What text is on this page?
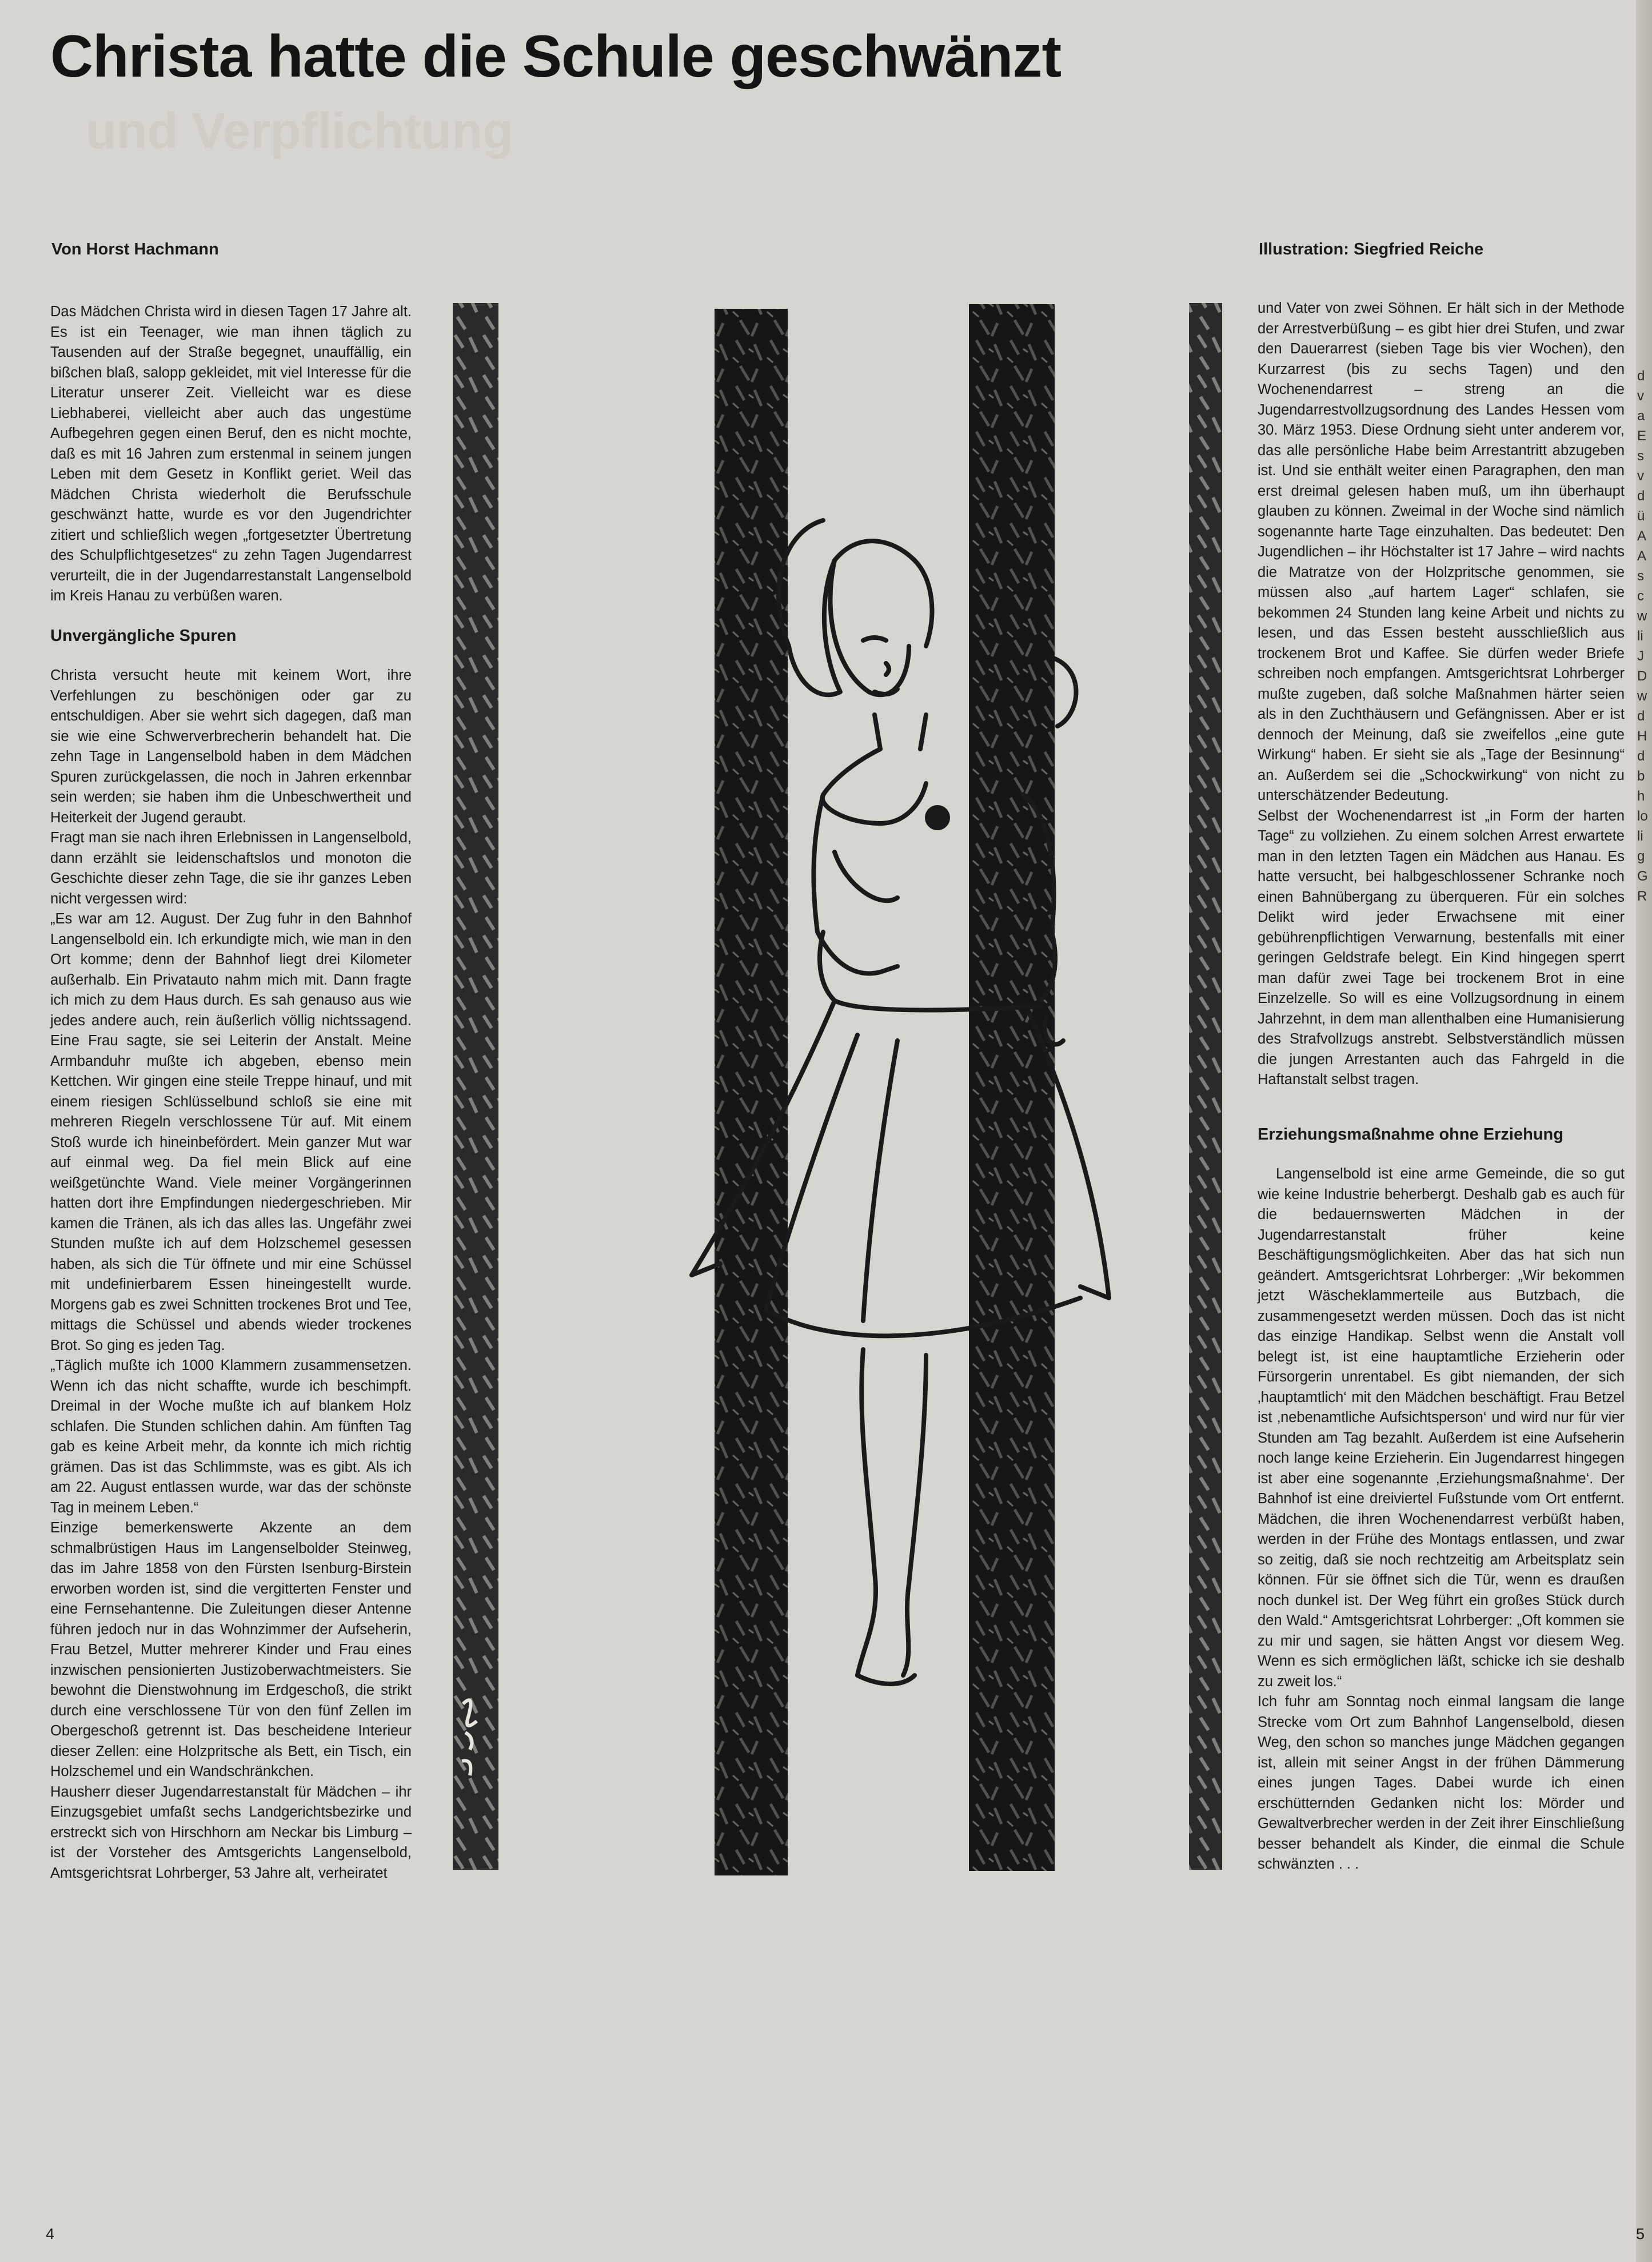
und Verpflichtung
Christa hatte die Schule geschwänzt
Von Horst Hachmann	Illustration: Siegfried Reiche

Das Mädchen Christa wird in diesen Tagen 17 Jahre alt. Es ist ein Teenager, wie man ihnen täglich zu Tausenden auf der Straße begegnet, unauffällig, ein bißchen blaß, salopp gekleidet, mit viel Interesse für die Literatur unserer Zeit. Vielleicht war es diese Liebhaberei, vielleicht aber auch das ungestüme Aufbegehren gegen einen Beruf, den es nicht mochte, daß es mit 16 Jahren zum erstenmal in seinem jungen Leben mit dem Gesetz in Konflikt geriet. Weil das Mädchen Christa wiederholt die Berufsschule geschwänzt hatte, wurde es vor den Jugendrichter zitiert und schließlich wegen „fortgesetzter Übertretung des Schulpflichtgesetzes“ zu zehn Tagen Jugendarrest verurteilt, die in der Jugendarrestanstalt Langenselbold im Kreis Hanau zu verbüßen waren.

Unvergängliche Spuren

Christa versucht heute mit keinem Wort, ihre Verfehlungen zu beschönigen oder gar zu entschuldigen. Aber sie wehrt sich dagegen, daß man sie wie eine Schwerverbrecherin behandelt hat. Die zehn Tage in Langenselbold haben in dem Mädchen Spuren zurückgelassen, die noch in Jahren erkennbar sein werden; sie haben ihm die Unbeschwertheit und Heiterkeit der Jugend geraubt.

Fragt man sie nach ihren Erlebnissen in Langenselbold, dann erzählt sie leidenschaftslos und monoton die Geschichte dieser zehn Tage, die sie ihr ganzes Leben nicht vergessen wird:

„Es war am 12. August. Der Zug fuhr in den Bahnhof Langenselbold ein. Ich erkundigte mich, wie man in den Ort komme; denn der Bahnhof liegt drei Kilometer außerhalb. Ein Privatauto nahm mich mit. Dann fragte ich mich zu dem Haus durch. Es sah genauso aus wie jedes andere auch, rein äußerlich völlig nichtssagend. Eine Frau sagte, sie sei Leiterin der Anstalt. Meine Armbanduhr mußte ich abgeben, ebenso mein Kettchen. Wir gingen eine steile Treppe hinauf, und mit einem riesigen Schlüsselbund schloß sie eine mit mehreren Riegeln verschlossene Tür auf. Mit einem Stoß wurde ich hineinbefördert. Mein ganzer Mut war auf einmal weg. Da fiel mein Blick auf eine weißgetünchte Wand. Viele meiner Vorgängerinnen hatten dort ihre Empfindungen niedergeschrieben. Mir kamen die Tränen, als ich das alles las. Ungefähr zwei Stunden mußte ich auf dem Holzschemel gesessen haben, als sich die Tür öffnete und mir eine Schüssel mit undefinierbarem Essen hineingestellt wurde. Morgens gab es zwei Schnitten trockenes Brot und Tee, mittags die Schüssel und abends wieder trockenes Brot. So ging es jeden Tag.

„Täglich mußte ich 1000 Klammern zusammensetzen. Wenn ich das nicht schaffte, wurde ich beschimpft. Dreimal in der Woche mußte ich auf blankem Holz schlafen. Die Stunden schlichen dahin. Am fünften Tag gab es keine Arbeit mehr, da konnte ich mich richtig grämen. Das ist das Schlimmste, was es gibt. Als ich am 22. August entlassen wurde, war das der schönste Tag in meinem Leben.“

Einzige bemerkenswerte Akzente an dem schmalbrüstigen Haus im Langenselbolder Steinweg, das im Jahre 1858 von den Fürsten Isenburg-Birstein erworben worden ist, sind die vergitterten Fenster und eine Fernsehantenne. Die Zuleitungen dieser Antenne führen jedoch nur in das Wohnzimmer der Aufseherin, Frau Betzel, Mutter mehrerer Kinder und Frau eines inzwischen pensionierten Justizoberwachtmeisters. Sie bewohnt die Dienstwohnung im Erdgeschoß, die strikt durch eine verschlossene Tür von den fünf Zellen im Obergeschoß getrennt ist. Das bescheidene Interieur dieser Zellen: eine Holzpritsche als Bett, ein Tisch, ein Holzschemel und ein Wandschränkchen.

Hausherr dieser Jugendarrestanstalt für Mädchen – ihr Einzugsgebiet umfaßt sechs Landgerichtsbezirke und erstreckt sich von Hirschhorn am Neckar bis Limburg – ist der Vorsteher des Amtsgerichts Langenselbold, Amtsgerichtsrat Lohrberger, 53 Jahre alt, verheiratet

und Vater von zwei Söhnen. Er hält sich in der Methode der Arrestverbüßung – es gibt hier drei Stufen, und zwar den Dauerarrest (sieben Tage bis vier Wochen), den Kurzarrest (bis zu sechs Tagen) und den Wochenendarrest – streng an die Jugendarrestvollzugsordnung des Landes Hessen vom 30. März 1953. Diese Ordnung sieht unter anderem vor, das alle persönliche Habe beim Arrestantritt abzugeben ist. Und sie enthält weiter einen Paragraphen, den man erst dreimal gelesen haben muß, um ihn überhaupt glauben zu können. Zweimal in der Woche sind nämlich sogenannte harte Tage einzuhalten. Das bedeutet: Den Jugendlichen – ihr Höchstalter ist 17 Jahre – wird nachts die Matratze von der Holzpritsche genommen, sie müssen also „auf hartem Lager“ schlafen, sie bekommen 24 Stunden lang keine Arbeit und nichts zu lesen, und das Essen besteht ausschließlich aus trockenem Brot und Kaffee. Sie dürfen weder Briefe schreiben noch empfangen. Amtsgerichtsrat Lohrberger mußte zugeben, daß solche Maßnahmen härter seien als in den Zuchthäusern und Gefängnissen. Aber er ist dennoch der Meinung, daß sie zweifellos „eine gute Wirkung“ haben. Er sieht sie als „Tage der Besinnung“ an. Außerdem sei die „Schockwirkung“ von nicht zu unterschätzender Bedeutung.

Selbst der Wochenendarrest ist „in Form der harten Tage“ zu vollziehen. Zu einem solchen Arrest erwartete man in den letzten Tagen ein Mädchen aus Hanau. Es hatte versucht, bei halbgeschlossener Schranke noch einen Bahnübergang zu überqueren. Für ein solches Delikt wird jeder Erwachsene mit einer gebührenpflichtigen Verwarnung, bestenfalls mit einer geringen Geldstrafe belegt. Ein Kind hingegen sperrt man dafür zwei Tage bei trockenem Brot in eine Einzelzelle. So will es eine Vollzugsordnung in einem Jahrzehnt, in dem man allenthalben eine Humanisierung des Strafvollzugs anstrebt. Selbstverständlich müssen die jungen Arrestanten auch das Fahrgeld in die Haftanstalt selbst tragen.

Erziehungsmaßnahme ohne Erziehung

Langenselbold ist eine arme Gemeinde, die so gut wie keine Industrie beherbergt. Deshalb gab es auch für die bedauernswerten Mädchen in der Jugendarrestanstalt früher keine Beschäftigungsmöglichkeiten. Aber das hat sich nun geändert. Amtsgerichtsrat Lohrberger: „Wir bekommen jetzt Wäscheklammerteile aus Butzbach, die zusammengesetzt werden müssen. Doch das ist nicht das einzige Handikap. Selbst wenn die Anstalt voll belegt ist, ist eine hauptamtliche Erzieherin oder Fürsorgerin unrentabel. Es gibt niemanden, der sich ‚hauptamtlich‘ mit den Mädchen beschäftigt. Frau Betzel ist ‚nebenamtliche Aufsichtsperson‘ und wird nur für vier Stunden am Tag bezahlt. Außerdem ist eine Aufseherin noch lange keine Erzieherin. Ein Jugendarrest hingegen ist aber eine sogenannte ‚Erziehungsmaßnahme‘. Der Bahnhof ist eine dreiviertel Fußstunde vom Ort entfernt. Mädchen, die ihren Wochenendarrest verbüßt haben, werden in der Frühe des Montags entlassen, und zwar so zeitig, daß sie noch rechtzeitig am Arbeitsplatz sein können. Für sie öffnet sich die Tür, wenn es draußen noch dunkel ist. Der Weg führt ein großes Stück durch den Wald.“ Amtsgerichtsrat Lohrberger: „Oft kommen sie zu mir und sagen, sie hätten Angst vor diesem Weg. Wenn es sich ermöglichen läßt, schicke ich sie deshalb zu zweit los.“

Ich fuhr am Sonntag noch einmal langsam die lange Strecke vom Ort zum Bahnhof Langenselbold, diesen Weg, den schon so manches junge Mädchen gegangen ist, allein mit seiner Angst in der frühen Dämmerung eines jungen Tages. Dabei wurde ich einen erschütternden Gedanken nicht los: Mörder und Gewaltverbrecher werden in der Zeit ihrer Einschließung besser behandelt als Kinder, die einmal die Schule schwänzten . . .

d
v
a
E
s
v
d
ü
A
A
s
c
w
li
J
D
w
d
H
d
b
h
lo
li
g
G
R
4	5
